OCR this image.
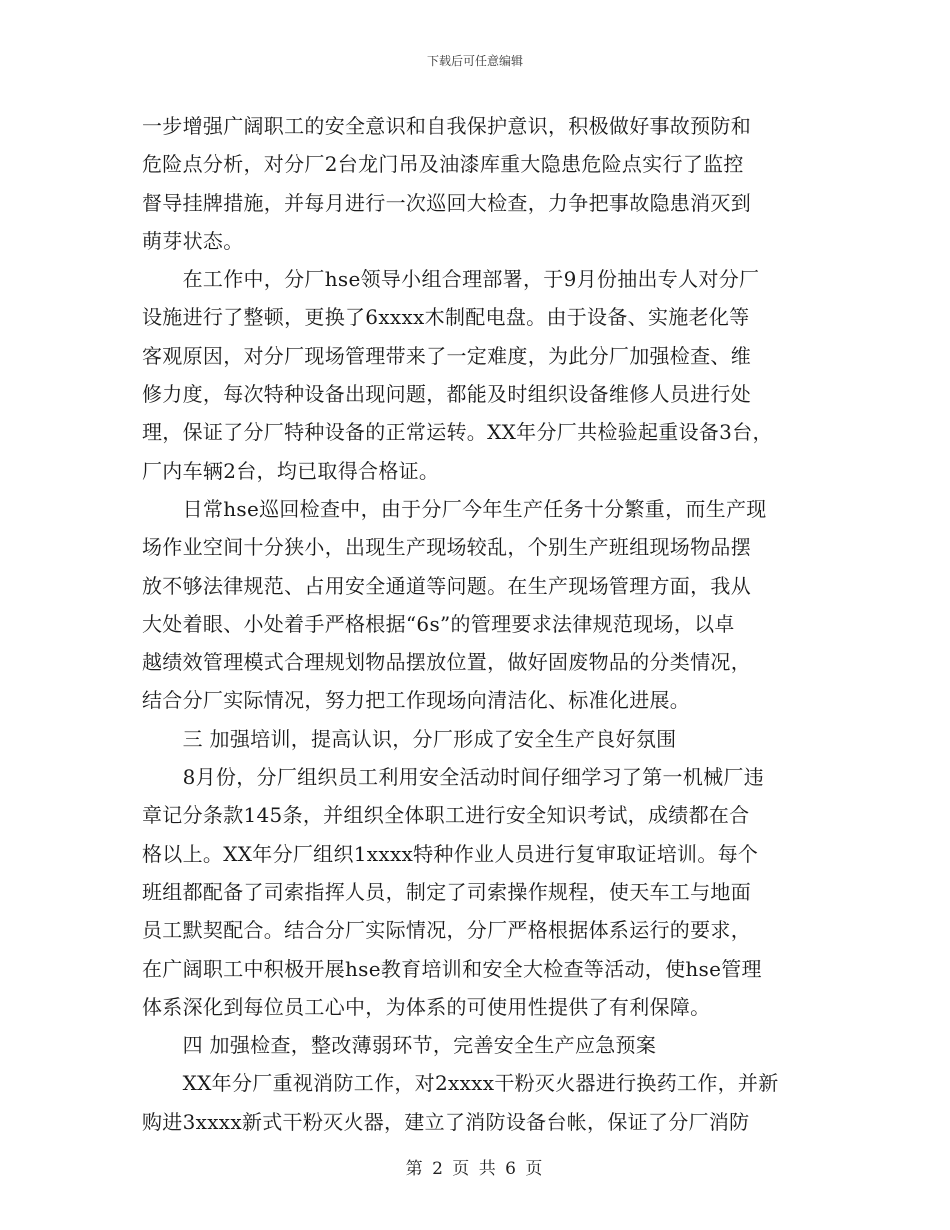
下载后可任意编辑
一步增强广阔职工的安全意识和自我保护意识，积极做好事故预防和
危险点分析，对分厂2台龙门吊及油漆库重大隐患危险点实行了监控
督导挂牌措施，并每月进行一次巡回大检查，力争把事故隐患消灭到
萌芽状态。
　　在工作中，分厂hse领导小组合理部署，于9月份抽出专人对分厂
设施进行了整顿，更换了6xxxx木制配电盘。由于设备、实施老化等
客观原因，对分厂现场管理带来了一定难度，为此分厂加强检查、维
修力度，每次特种设备出现问题，都能及时组织设备维修人员进行处
理，保证了分厂特种设备的正常运转。XX年分厂共检验起重设备3台，
厂内车辆2台，均已取得合格证。
　　日常hse巡回检查中，由于分厂今年生产任务十分繁重，而生产现
场作业空间十分狭小，出现生产现场较乱，个别生产班组现场物品摆
放不够法律规范、占用安全通道等问题。在生产现场管理方面，我从
大处着眼、小处着手严格根据“6s”的管理要求法律规范现场，以卓
越绩效管理模式合理规划物品摆放位置，做好固废物品的分类情况，
结合分厂实际情况，努力把工作现场向清洁化、标准化进展。
　　三 加强培训，提高认识，分厂形成了安全生产良好氛围
　　8月份，分厂组织员工利用安全活动时间仔细学习了第一机械厂违
章记分条款145条，并组织全体职工进行安全知识考试，成绩都在合
格以上。XX年分厂组织1xxxx特种作业人员进行复审取证培训。每个
班组都配备了司索指挥人员，制定了司索操作规程，使天车工与地面
员工默契配合。结合分厂实际情况，分厂严格根据体系运行的要求，
在广阔职工中积极开展hse教育培训和安全大检查等活动，使hse管理
体系深化到每位员工心中，为体系的可使用性提供了有利保障。
　　四 加强检查，整改薄弱环节，完善安全生产应急预案
　　XX年分厂重视消防工作，对2xxxx干粉灭火器进行换药工作，并新
购进3xxxx新式干粉灭火器，建立了消防设备台帐，保证了分厂消防
第 2 页 共 6 页
